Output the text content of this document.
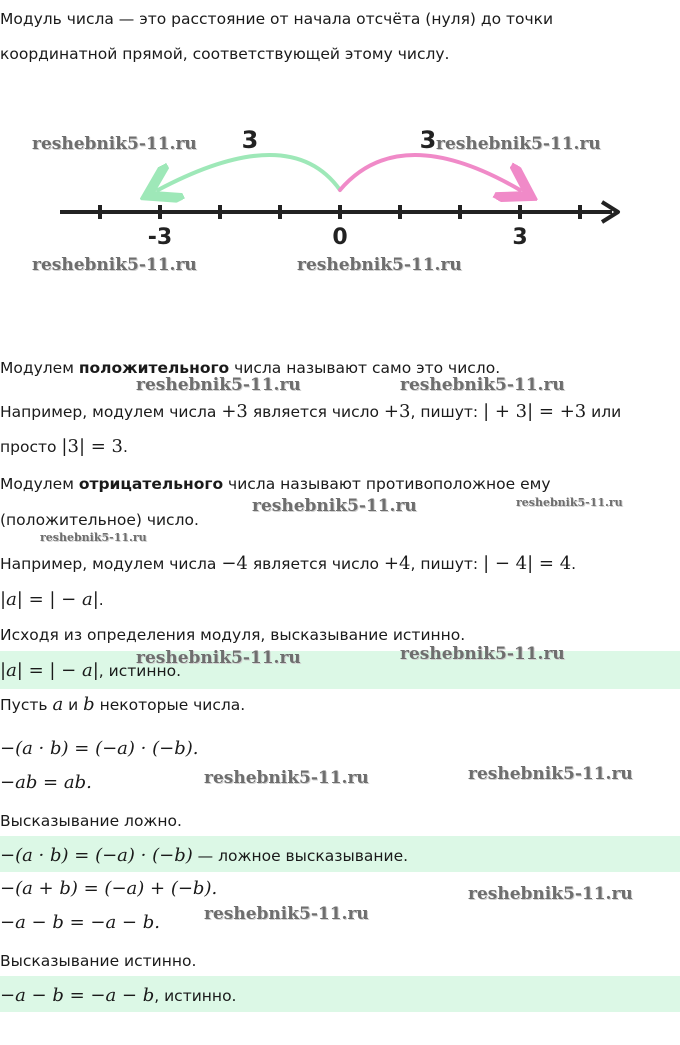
Модуль числа — это расстояние от начала отсчёта (нуля) до точки
координатной прямой, соответствующей этому числу.
3	3
-3	0	3
Модулем положительного числа называют само это число.
Например, модулем числа +3 является число +3, пишут: | + 3| = +3 или
просто |3| = 3.
Модулем отрицательного числа называют противоположное ему
(положительное) число.
Например, модулем числа −4 является число +4, пишут: | − 4| = 4.
|a| = | − a|.
Исходя из определения модуля, высказывание истинно.
|a| = | − a|, истинно.
Пусть a и b некоторые числа.
−(a · b) = (−a) · (−b).
−ab = ab.
Высказывание ложно.
−(a · b) = (−a) · (−b) — ложное высказывание.
−(a + b) = (−a) + (−b).
−a − b = −a − b.
Высказывание истинно.
−a − b = −a − b, истинно.
reshebnik5-11.ru	reshebnik5-11.ru
reshebnik5-11.ru	reshebnik5-11.ru
reshebnik5-11.ru	reshebnik5-11.ru
reshebnik5-11.ru	reshebnik5-11.ru
reshebnik5-11.ru
reshebnik5-11.ru	reshebnik5-11.ru
reshebnik5-11.ru	reshebnik5-11.ru
reshebnik5-11.ru
reshebnik5-11.ru
